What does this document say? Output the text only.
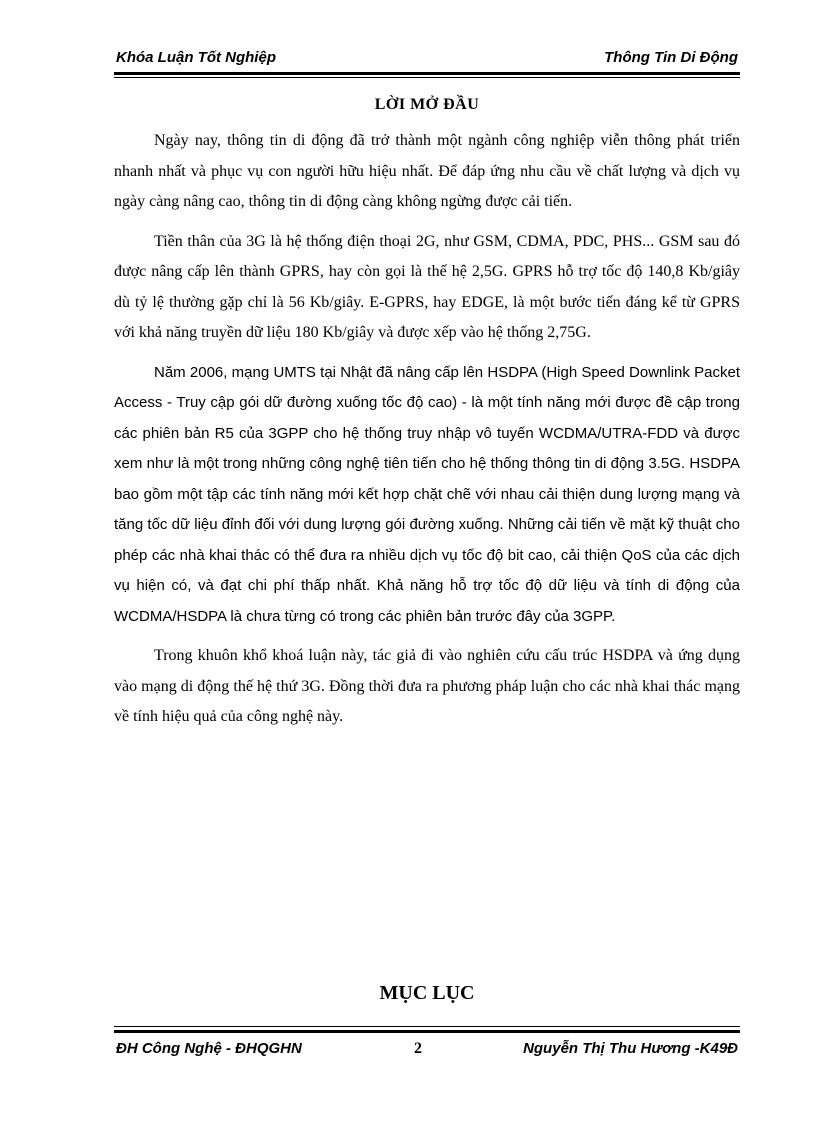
Khóa Luận Tốt Nghiệp	Thông Tin Di Động
LỜI MỞ ĐẦU

Ngày nay, thông tin di động đã trở thành một ngành công nghiệp viễn thông phát triển nhanh nhất và phục vụ con người hữu hiệu nhất. Để đáp ứng nhu cầu về chất lượng và dịch vụ ngày càng nâng cao, thông tin di động càng không ngừng được cải tiến.

Tiền thân của 3G là hệ thống điện thoại 2G, như GSM, CDMA, PDC, PHS... GSM sau đó được nâng cấp lên thành GPRS, hay còn gọi là thế hệ 2,5G. GPRS hỗ trợ tốc độ 140,8 Kb/giây dù tỷ lệ thường gặp chỉ là 56 Kb/giây. E-GPRS, hay EDGE, là một bước tiến đáng kể từ GPRS với khả năng truyền dữ liệu 180 Kb/giây và được xếp vào hệ thống 2,75G.

Năm 2006, mạng UMTS tại Nhật đã nâng cấp lên HSDPA (High Speed Downlink Packet Access - Truy cập gói dữ đường xuống tốc độ cao) - là một tính năng mới được đề cập trong các phiên bản R5 của 3GPP cho hệ thống truy nhập vô tuyến WCDMA/UTRA-FDD và được xem như là một trong những công nghệ tiên tiến cho hệ thống thông tin di động 3.5G. HSDPA bao gồm một tập các tính năng mới kết hợp chặt chẽ với nhau cải thiện dung lượng mạng và tăng tốc dữ liệu đỉnh đối với dung lượng gói đường xuống. Những cải tiến về mặt kỹ thuật cho phép các nhà khai thác có thể đưa ra nhiều dịch vụ tốc độ bit cao, cải thiện QoS của các dịch vụ hiện có, và đạt chi phí thấp nhất. Khả năng hỗ trợ tốc độ dữ liệu và tính di động của WCDMA/HSDPA là chưa từng có trong các phiên bản trước đây của 3GPP.

Trong khuôn khổ khoá luận này, tác giả đi vào nghiên cứu cấu trúc HSDPA và ứng dụng vào mạng di động thế hệ thứ 3G. Đồng thời đưa ra phương pháp luận cho các nhà khai thác mạng về tính hiệu quả của công nghệ này.

MỤC LỤC
ĐH Công Nghệ - ĐHQGHN	2	Nguyễn Thị Thu Hương -K49Đ
